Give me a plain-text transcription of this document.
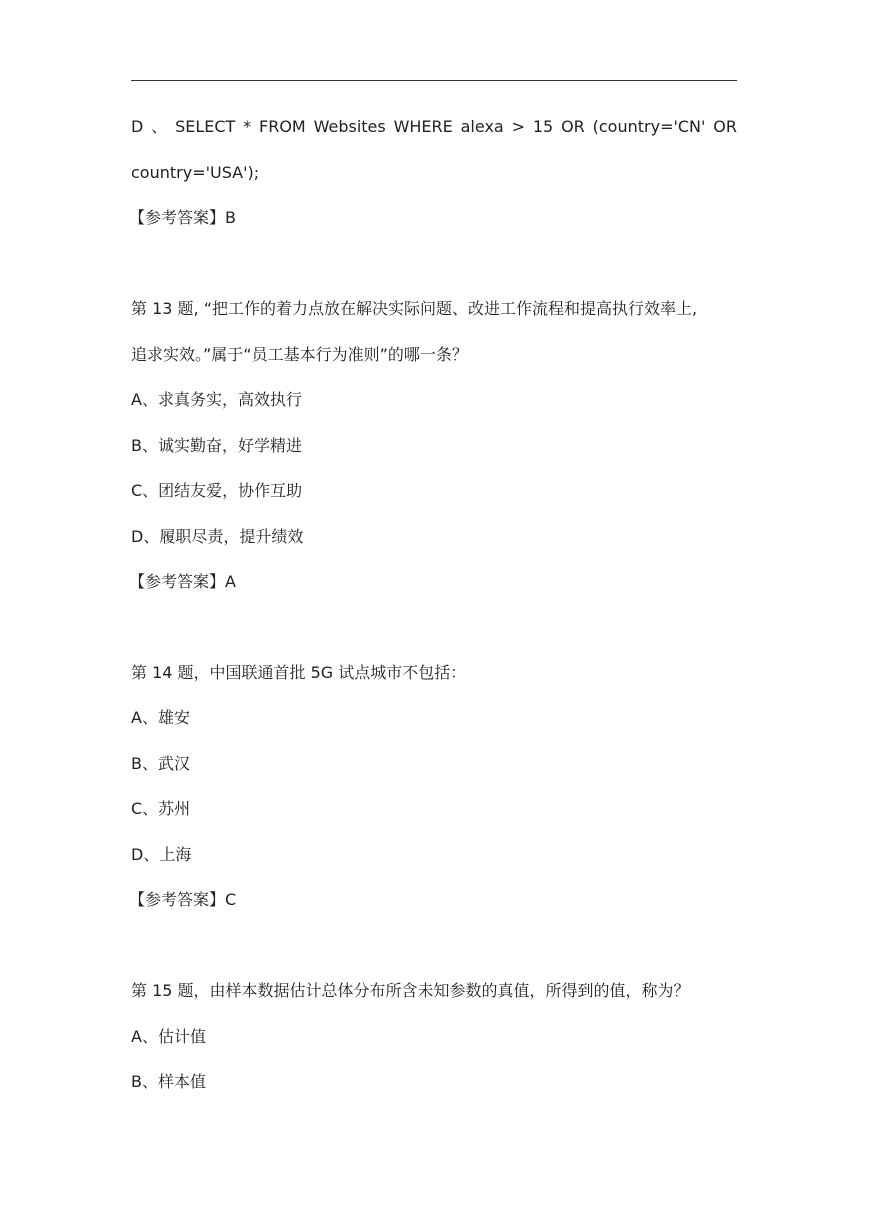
D 、 SELECT * FROM Websites WHERE alexa > 15 OR (country='CN' OR
country='USA');
【参考答案】B
第 13 题, “把工作的着力点放在解决实际问题、改进工作流程和提高执行效率上,
追求实效。”属于“员工基本行为准则”的哪一条？
A、求真务实，高效执行
B、诚实勤奋，好学精进
C、团结友爱，协作互助
D、履职尽责，提升绩效
【参考答案】A
第 14 题，中国联通首批 5G 试点城市不包括：
A、雄安
B、武汉
C、苏州
D、上海
【参考答案】C
第 15 题，由样本数据估计总体分布所含未知参数的真值，所得到的值，称为？
A、估计值
B、样本值
